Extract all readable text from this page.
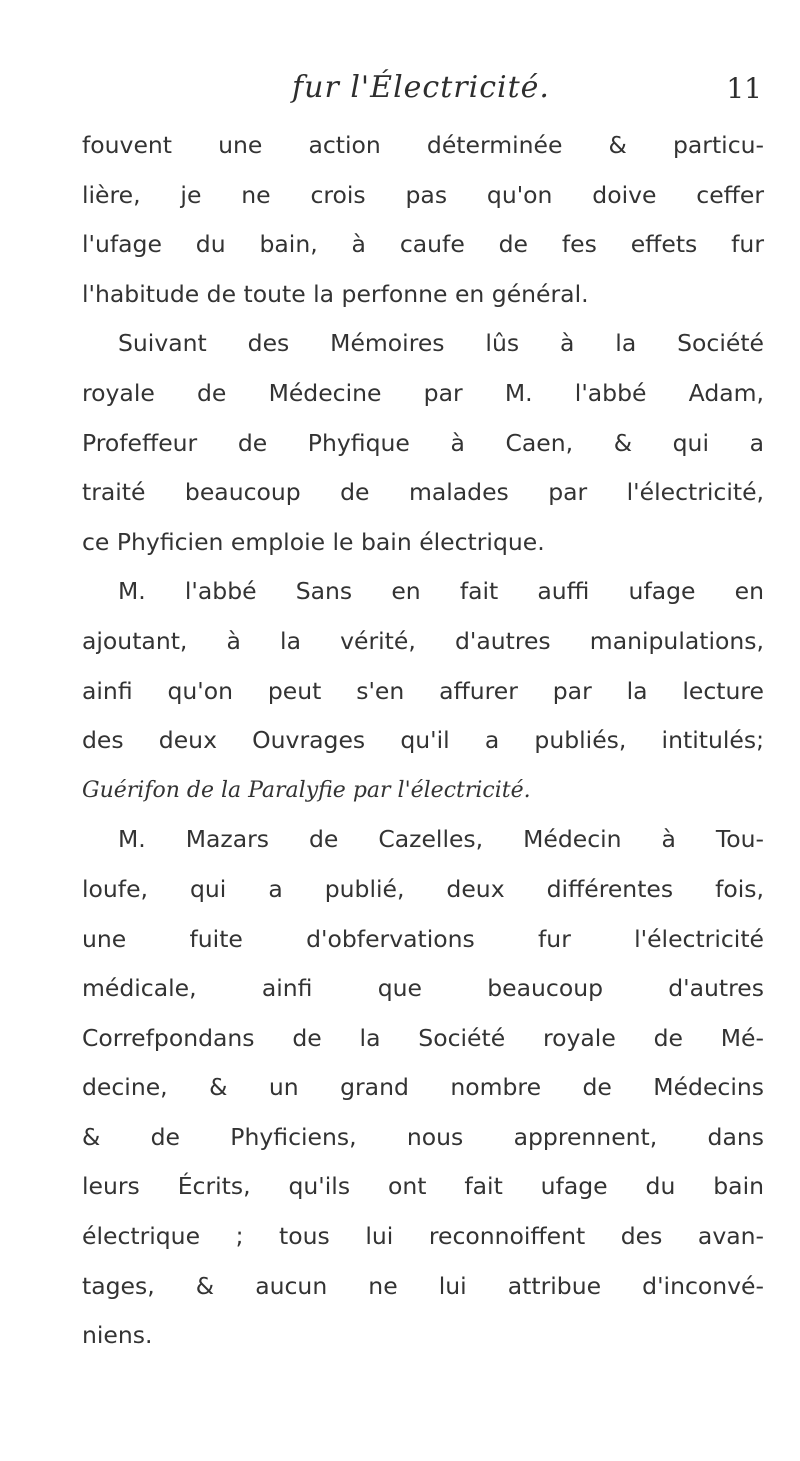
fur l'Électricité.	11
fouvent une action déterminée & particu-
lière, je ne crois pas qu'on doive ceffer
l'ufage du bain, à caufe de fes effets fur
l'habitude de toute la perfonne en général.
Suivant des Mémoires lûs à la Société
royale de Médecine par M. l'abbé Adam,
Profeffeur de Phyfique à Caen, & qui a
traité beaucoup de malades par l'électricité,
ce Phyficien emploie le bain électrique.
M. l'abbé Sans en fait auffi ufage en
ajoutant, à la vérité, d'autres manipulations,
ainfi qu'on peut s'en affurer par la lecture
des deux Ouvrages qu'il a publiés, intitulés;
Guérifon de la Paralyfie par l'électricité.
M. Mazars de Cazelles, Médecin à Tou-
loufe, qui a publié, deux différentes fois,
une fuite d'obfervations fur l'électricité
médicale, ainfi que beaucoup d'autres
Correfpondans de la Société royale de Mé-
decine, & un grand nombre de Médecins
& de Phyficiens, nous apprennent, dans
leurs Écrits, qu'ils ont fait ufage du bain
électrique ; tous lui reconnoiffent des avan-
tages, & aucun ne lui attribue d'inconvé-
niens.
